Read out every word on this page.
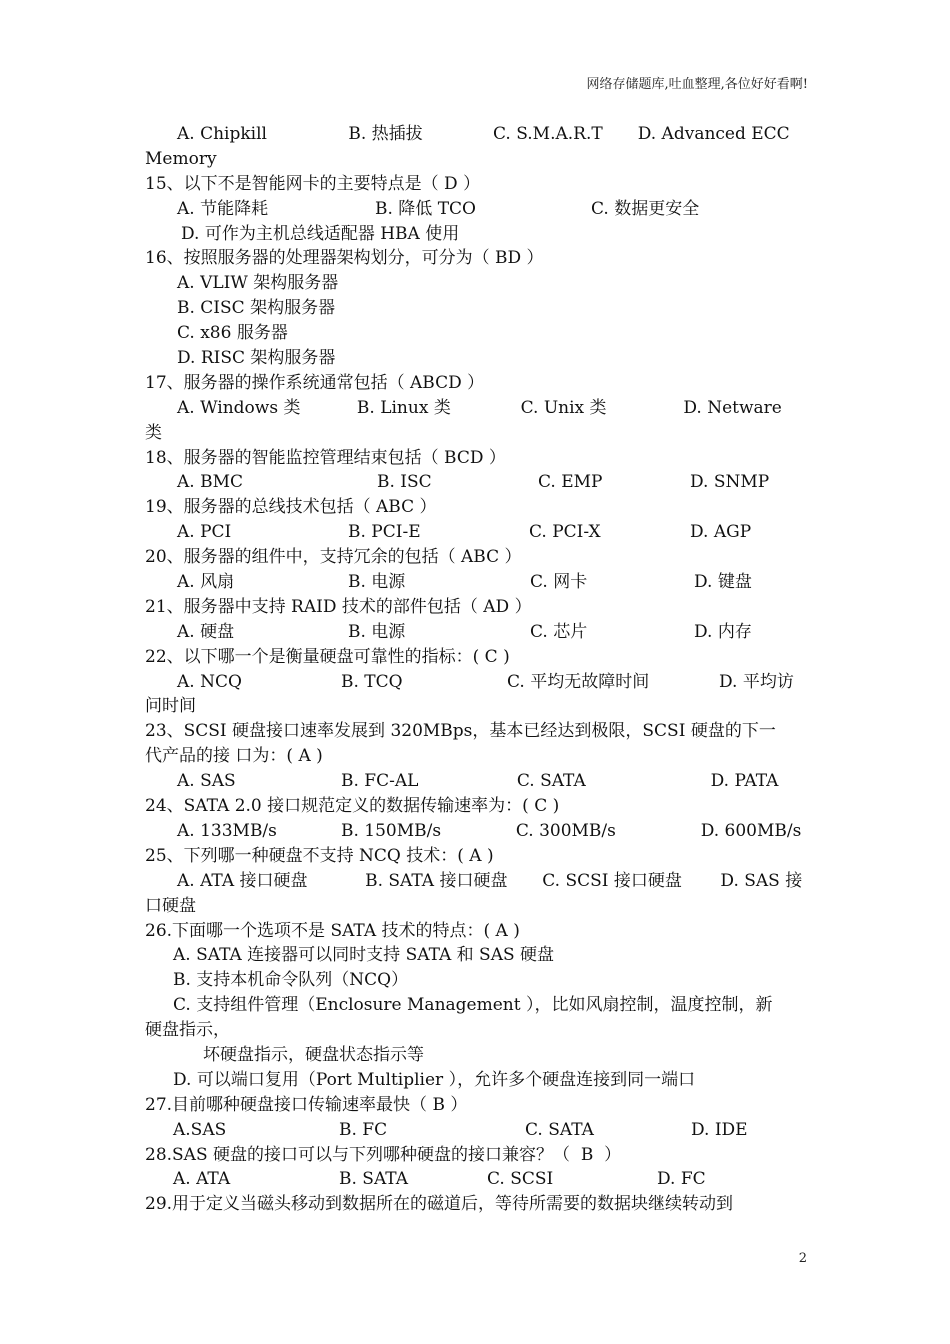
网络存储题库,吐血整理,各位好好看啊!
A. Chipkill	B. 热插拔	C. S.M.A.R.T	D. Advanced ECC
Memory
15、以下不是智能网卡的主要特点是（ D ）
A. 节能降耗	B. 降低 TCO	C. 数据更安全
D. 可作为主机总线适配器 HBA 使用
16、按照服务器的处理器架构划分，可分为（ BD ）
A. VLIW 架构服务器
B. CISC 架构服务器
C. x86 服务器
D. RISC 架构服务器
17、服务器的操作系统通常包括（ ABCD ）
A. Windows 类	B. Linux 类	C. Unix 类	D. Netware
类
18、服务器的智能监控管理结束包括（ BCD ）
A. BMC	B. ISC	C. EMP	D. SNMP
19、服务器的总线技术包括（ ABC ）
A. PCI	B. PCI-E	C. PCI-X	D. AGP
20、服务器的组件中，支持冗余的包括（ ABC ）
A. 风扇	B. 电源	C. 网卡	D. 键盘
21、服务器中支持 RAID 技术的部件包括（ AD ）
A. 硬盘	B. 电源	C. 芯片	D. 内存
22、以下哪一个是衡量硬盘可靠性的指标：( C )
A. NCQ	B. TCQ	C. 平均无故障时间	D. 平均访
问时间
23、SCSI 硬盘接口速率发展到 320MBps，基本已经达到极限，SCSI 硬盘的下一
代产品的接 口为：( A )
A. SAS	B. FC-AL	C. SATA	D. PATA
24、SATA 2.0 接口规范定义的数据传输速率为：( C )
A. 133MB/s	B. 150MB/s	C. 300MB/s	D. 600MB/s
25、下列哪一种硬盘不支持 NCQ 技术：( A )
A. ATA 接口硬盘	B. SATA 接口硬盘	C. SCSI 接口硬盘	D. SAS 接
口硬盘
26.下面哪一个选项不是 SATA 技术的特点：( A )
A. SATA 连接器可以同时支持 SATA 和 SAS 硬盘
B. 支持本机命令队列（NCQ）
C. 支持组件管理（Enclosure Management ），比如风扇控制，温度控制，新
硬盘指示，
坏硬盘指示，硬盘状态指示等
D. 可以端口复用（Port Multiplier ），允许多个硬盘连接到同一端口
27.目前哪种硬盘接口传输速率最快（ B ）
A.SAS	B. FC	C. SATA	D. IDE
28.SAS 硬盘的接口可以与下列哪种硬盘的接口兼容？（  B  ）
A. ATA	B. SATA	C. SCSI	D. FC
29.用于定义当磁头移动到数据所在的磁道后，等待所需要的数据块继续转动到
2
